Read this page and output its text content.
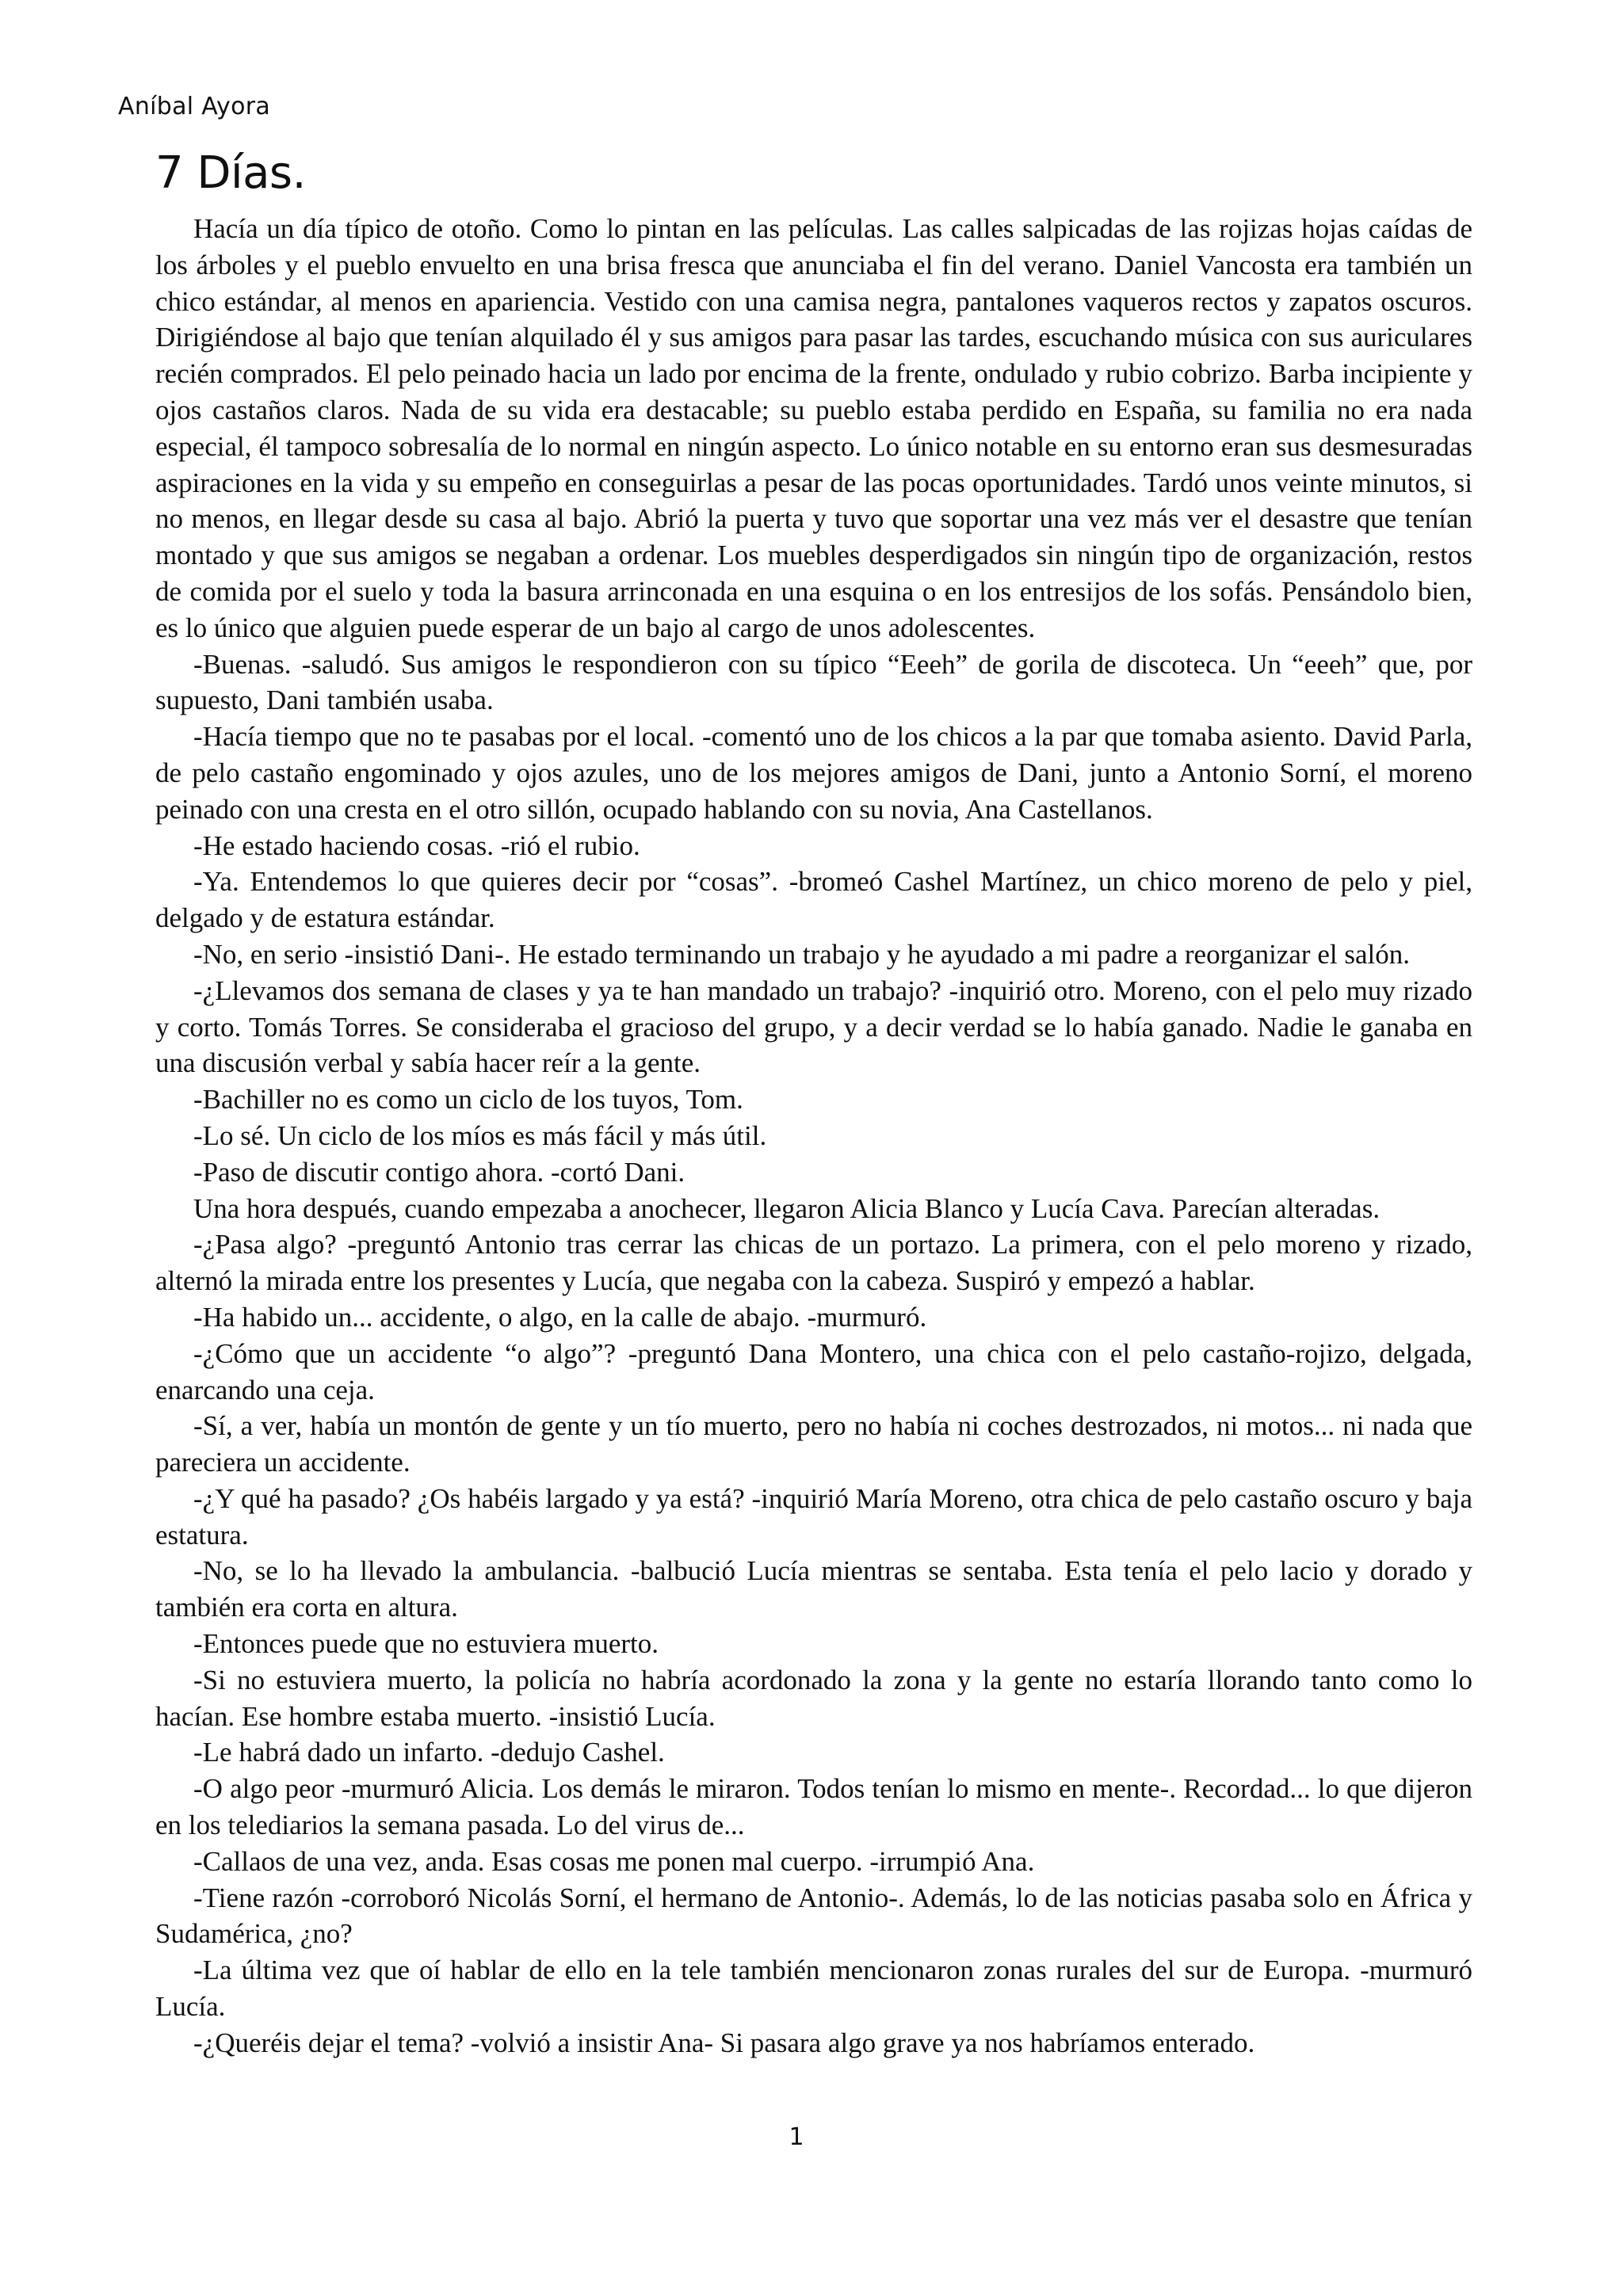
Aníbal Ayora
7 Días.

Hacía un día típico de otoño. Como lo pintan en las películas. Las calles salpicadas de las rojizas hojas caídas de los árboles y el pueblo envuelto en una brisa fresca que anunciaba el fin del verano. Daniel Vancosta era también un chico estándar, al menos en apariencia. Vestido con una camisa negra, pantalones vaqueros rectos y zapatos oscuros. Dirigiéndose al bajo que tenían alquilado él y sus amigos para pasar las tardes, escuchando música con sus auriculares recién comprados. El pelo peinado hacia un lado por encima de la frente, ondulado y rubio cobrizo. Barba incipiente y ojos castaños claros. Nada de su vida era destacable; su pueblo estaba perdido en España, su familia no era nada especial, él tampoco sobresalía de lo normal en ningún aspecto. Lo único notable en su entorno eran sus desmesuradas aspiraciones en la vida y su empeño en conseguirlas a pesar de las pocas oportunidades. Tardó unos veinte minutos, si no menos, en llegar desde su casa al bajo. Abrió la puerta y tuvo que soportar una vez más ver el desastre que tenían montado y que sus amigos se negaban a ordenar. Los muebles desperdigados sin ningún tipo de organización, restos de comida por el suelo y toda la basura arrinconada en una esquina o en los entresijos de los sofás. Pensándolo bien, es lo único que alguien puede esperar de un bajo al cargo de unos adolescentes.

-Buenas. -saludó. Sus amigos le respondieron con su típico “Eeeh” de gorila de discoteca. Un “eeeh” que, por supuesto, Dani también usaba.

-Hacía tiempo que no te pasabas por el local. -comentó uno de los chicos a la par que tomaba asiento. David Parla, de pelo castaño engominado y ojos azules, uno de los mejores amigos de Dani, junto a Antonio Sorní, el moreno peinado con una cresta en el otro sillón, ocupado hablando con su novia, Ana Castellanos.

-He estado haciendo cosas. -rió el rubio.

-Ya. Entendemos lo que quieres decir por “cosas”. -bromeó Cashel Martínez, un chico moreno de pelo y piel, delgado y de estatura estándar.

-No, en serio -insistió Dani-. He estado terminando un trabajo y he ayudado a mi padre a reorganizar el salón.

-¿Llevamos dos semana de clases y ya te han mandado un trabajo? -inquirió otro. Moreno, con el pelo muy rizado y corto. Tomás Torres. Se consideraba el gracioso del grupo, y a decir verdad se lo había ganado. Nadie le ganaba en una discusión verbal y sabía hacer reír a la gente.

-Bachiller no es como un ciclo de los tuyos, Tom.

-Lo sé. Un ciclo de los míos es más fácil y más útil.

-Paso de discutir contigo ahora. -cortó Dani.

Una hora después, cuando empezaba a anochecer, llegaron Alicia Blanco y Lucía Cava. Parecían alteradas.

-¿Pasa algo? -preguntó Antonio tras cerrar las chicas de un portazo. La primera, con el pelo moreno y rizado, alternó la mirada entre los presentes y Lucía, que negaba con la cabeza. Suspiró y empezó a hablar.

-Ha habido un... accidente, o algo, en la calle de abajo. -murmuró.

-¿Cómo que un accidente “o algo”? -preguntó Dana Montero, una chica con el pelo castaño-rojizo, delgada, enarcando una ceja.

-Sí, a ver, había un montón de gente y un tío muerto, pero no había ni coches destrozados, ni motos... ni nada que pareciera un accidente.

-¿Y qué ha pasado? ¿Os habéis largado y ya está? -inquirió María Moreno, otra chica de pelo castaño oscuro y baja estatura.

-No, se lo ha llevado la ambulancia. -balbució Lucía mientras se sentaba. Esta tenía el pelo lacio y dorado y también era corta en altura.

-Entonces puede que no estuviera muerto.

-Si no estuviera muerto, la policía no habría acordonado la zona y la gente no estaría llorando tanto como lo hacían. Ese hombre estaba muerto. -insistió Lucía.

-Le habrá dado un infarto. -dedujo Cashel.

-O algo peor -murmuró Alicia. Los demás le miraron. Todos tenían lo mismo en mente-. Recordad... lo que dijeron en los telediarios la semana pasada. Lo del virus de...

-Callaos de una vez, anda. Esas cosas me ponen mal cuerpo. -irrumpió Ana.

-Tiene razón -corroboró Nicolás Sorní, el hermano de Antonio-. Además, lo de las noticias pasaba solo en África y Sudamérica, ¿no?

-La última vez que oí hablar de ello en la tele también mencionaron zonas rurales del sur de Europa. -murmuró Lucía.

-¿Queréis dejar el tema? -volvió a insistir Ana- Si pasara algo grave ya nos habríamos enterado.

1
